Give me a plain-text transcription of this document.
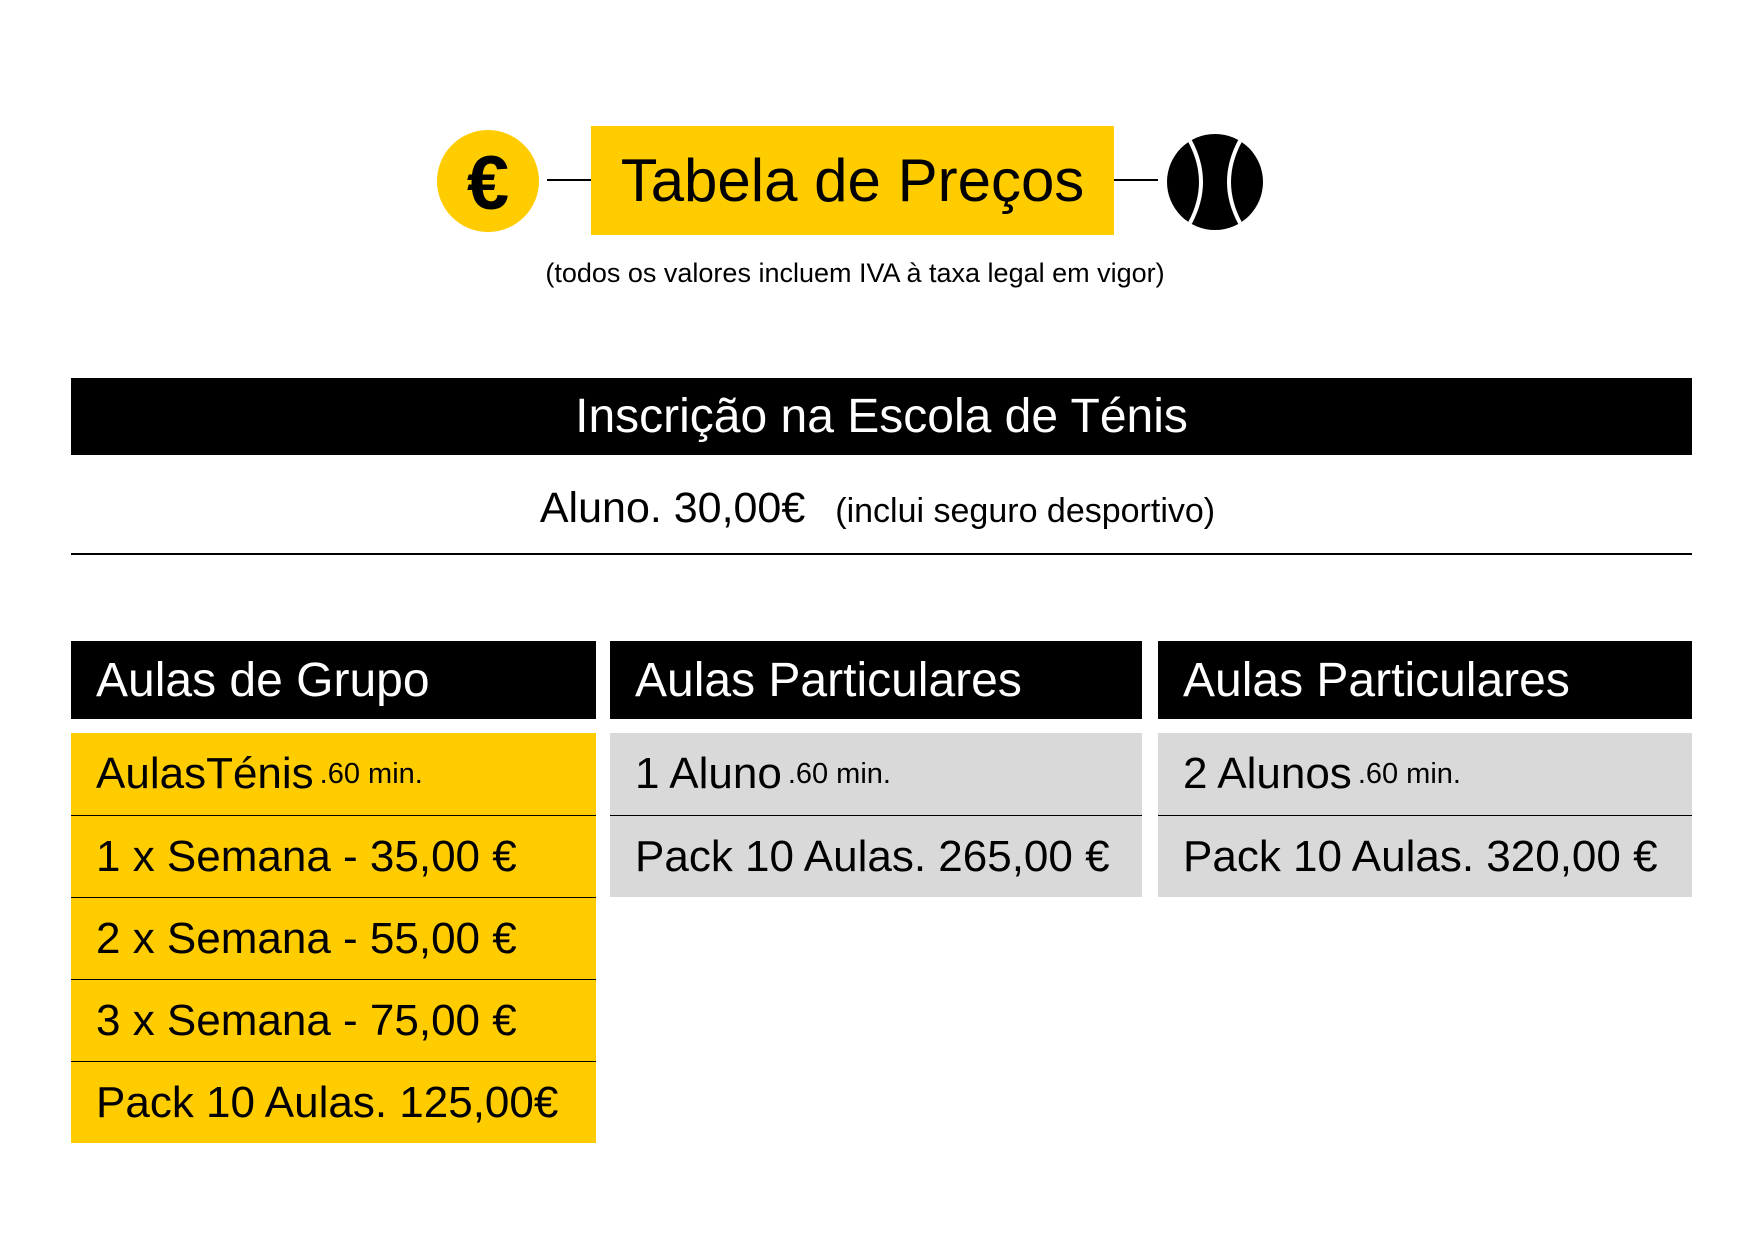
€	Tabela de Preços
(todos os valores incluem IVA à taxa legal em vigor)
Inscrição na Escola de Ténis
Aluno. 30,00€ (inclui seguro desportivo)
Aulas de Grupo
AulasTénis .60 min.
1 x Semana - 35,00 €
2 x Semana - 55,00 €
3 x Semana - 75,00 €
Pack 10 Aulas. 125,00€
Aulas Particulares
1 Aluno .60 min.
Pack 10 Aulas. 265,00 €
Aulas Particulares
2 Alunos .60 min.
Pack 10 Aulas. 320,00 €
